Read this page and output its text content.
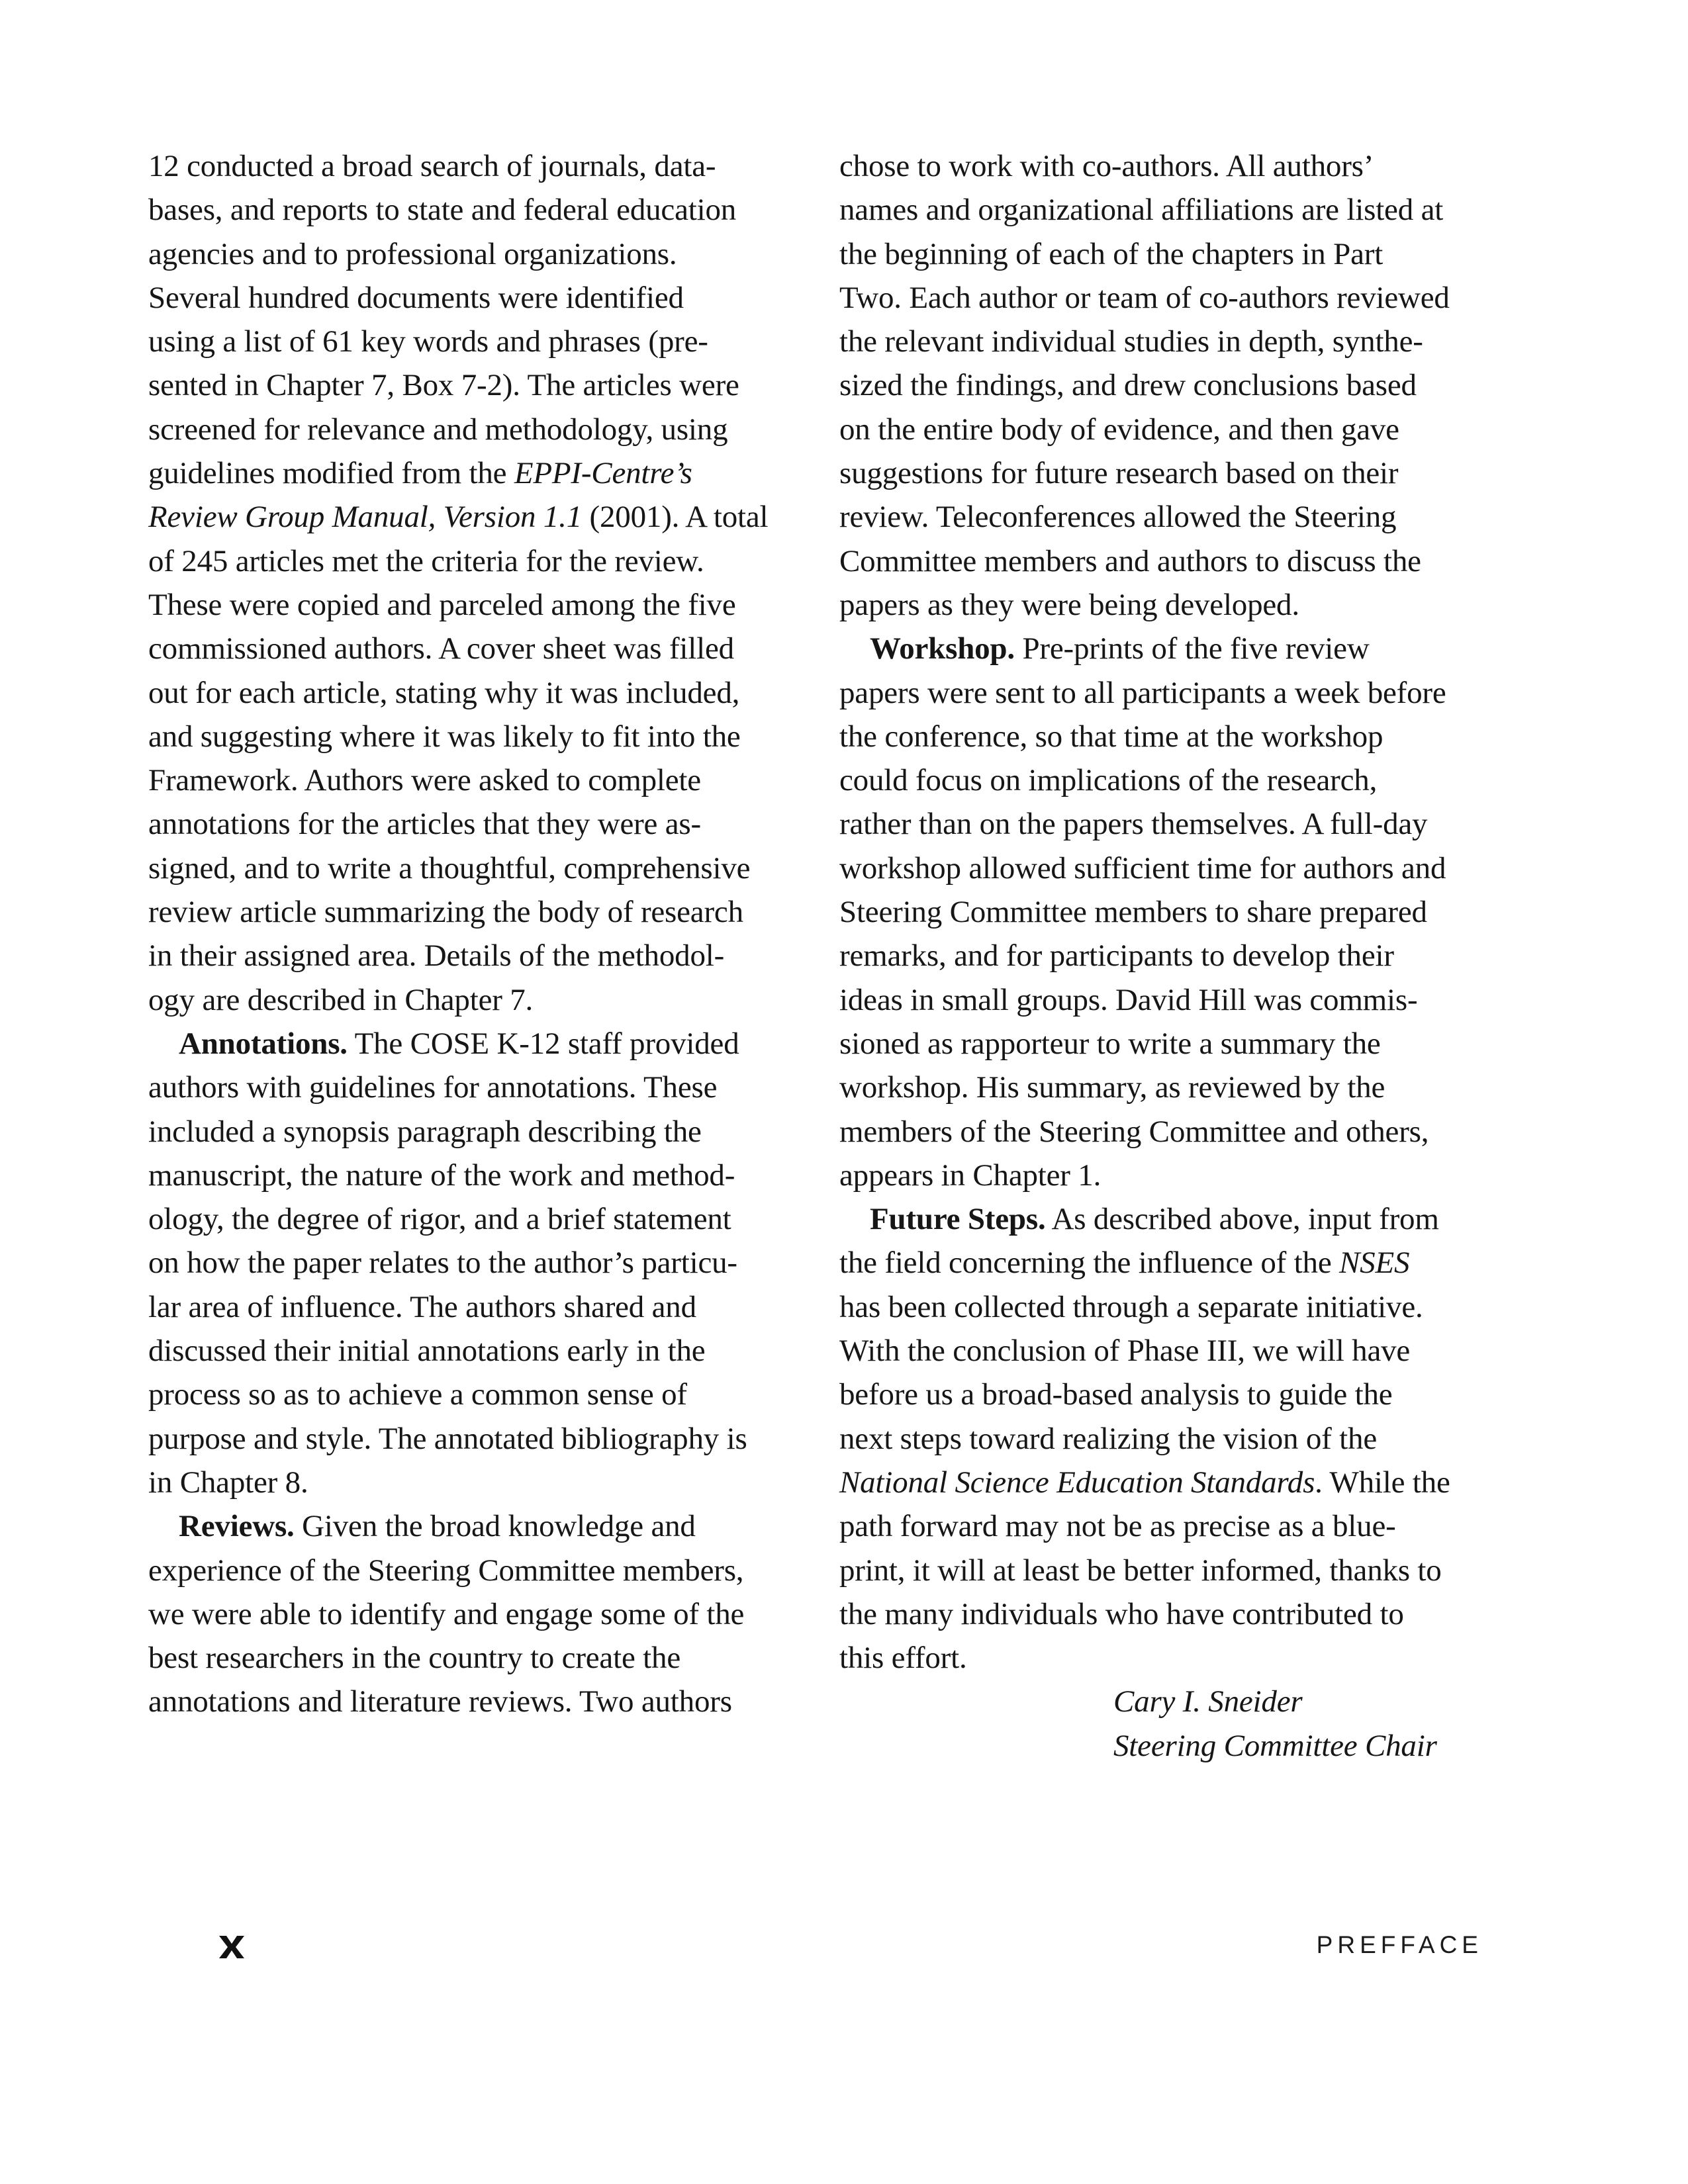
12 conducted a broad search of journals, data-
bases, and reports to state and federal education
agencies and to professional organizations.
Several hundred documents were identified
using a list of 61 key words and phrases (pre-
sented in Chapter 7, Box 7-2). The articles were
screened for relevance and methodology, using
guidelines modified from the EPPI-Centre’s
Review Group Manual, Version 1.1 (2001). A total
of 245 articles met the criteria for the review.
These were copied and parceled among the five
commissioned authors. A cover sheet was filled
out for each article, stating why it was included,
and suggesting where it was likely to fit into the
Framework. Authors were asked to complete
annotations for the articles that they were as-
signed, and to write a thoughtful, comprehensive
review article summarizing the body of research
in their assigned area. Details of the methodol-
ogy are described in Chapter 7.
Annotations. The COSE K-12 staff provided
authors with guidelines for annotations. These
included a synopsis paragraph describing the
manuscript, the nature of the work and method-
ology, the degree of rigor, and a brief statement
on how the paper relates to the author’s particu-
lar area of influence. The authors shared and
discussed their initial annotations early in the
process so as to achieve a common sense of
purpose and style. The annotated bibliography is
in Chapter 8.
Reviews. Given the broad knowledge and
experience of the Steering Committee members,
we were able to identify and engage some of the
best researchers in the country to create the
annotations and literature reviews. Two authors
chose to work with co-authors. All authors’
names and organizational affiliations are listed at
the beginning of each of the chapters in Part
Two. Each author or team of co-authors reviewed
the relevant individual studies in depth, synthe-
sized the findings, and drew conclusions based
on the entire body of evidence, and then gave
suggestions for future research based on their
review. Teleconferences allowed the Steering
Committee members and authors to discuss the
papers as they were being developed.
Workshop. Pre-prints of the five review
papers were sent to all participants a week before
the conference, so that time at the workshop
could focus on implications of the research,
rather than on the papers themselves. A full-day
workshop allowed sufficient time for authors and
Steering Committee members to share prepared
remarks, and for participants to develop their
ideas in small groups. David Hill was commis-
sioned as rapporteur to write a summary the
workshop. His summary, as reviewed by the
members of the Steering Committee and others,
appears in Chapter 1.
Future Steps. As described above, input from
the field concerning the influence of the NSES
has been collected through a separate initiative.
With the conclusion of Phase III, we will have
before us a broad-based analysis to guide the
next steps toward realizing the vision of the
National Science Education Standards. While the
path forward may not be as precise as a blue-
print, it will at least be better informed, thanks to
the many individuals who have contributed to
this effort.
Cary I. Sneider
Steering Committee Chair
PREFFACE
